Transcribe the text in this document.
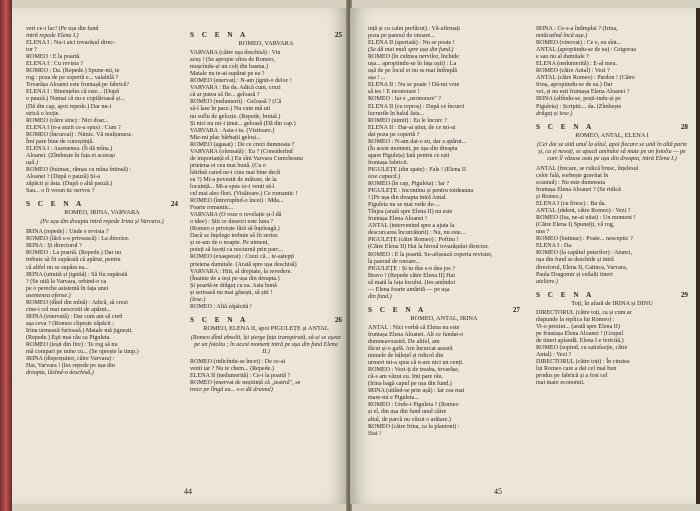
veri ce-i fac! (Pe ușa din fund

intră repede Elena I.)

ELENA I : Nu-i aici tovarășul direc-

tor ?

ROMEO : E la poartă.

ELENA I : Cu revista ?

ROMEO : Da. (Repede.) Spune-mi, te

rog : poza de pe copertă e... valabilă ?

Tovarășa Aloanei este fruntașă pe fabrică?

ELENA I : Binențeles că este... (După

o pauză.) Numai că nu e copilăroasă și...

(Dă din cap, apoi repede.) Dar nu-i

strică o lecție.

ROMEO (către sine) : Nici doar...

ELENA I (n-a auzit ce-a spus) : Cum ?

ROMEO (încurcat) : Nimic. Vă mulțumesc.

Îmi pare bine de cunoștință.

ELENA I : Asemenea. (Îi dă mîna.)

Aloanei. (Zîmbește în fața ei aceeași

ușă.)

ROMEO (buimac, rămas cu mîna întinsă) :

Aloanei ? (După o pauză) Și-a

zăpăcit și ăsta. (După o altă pauză.)

Sau... o fi vreun tic nervos ?

S C E N A	24

ROMEO, IRINA, VARVARA

(Pe ușa din dreapta intră repede Irina și Varvara.)

IRINA (repede) : Unde e revista ?

ROMEO (fără s-o privească) : La director.

IRINA : Și directorul ?

ROMEO : La poartă. (Repede.) Dar nu

trebuie să fii supărată că apărut, pentru

că altfel nu se supăra ea...

IRINA (uimită și jignită) : Să fiu supărată

? (Se uită la Varvara, orbind-o ca

pe o pereche asistentă în fața unei

asemenea ofense.)

ROMEO (dînd din mînă) : Adică, să crezi

cine-i cel mai neocrotit de apărut...

IRINA (enervată) : Dar cum am să cred

așa ceva ? (Romeo clipește zăpăcit ;

Irina urmează furioasă.) Matale mă jignești.

(Repede.) Eşti mai rău ca Piguleta.

ROMEO (ieșit din fire) : Te rog să nu

mă compari pe mine cu... (Se oprește la timp.)

IRINA (disprețuitor, către Varvara) :

Hai, Varvara ! (Ies repede pe ușa din

dreapta, lăsînd-o deschisă.)

S C E N A	25

ROMEO, VARVARA

VARVARA (către ușa deschisă) : Vin

acuș ! (Se apropie sfios de Romeo,

mușcîndu-și un colț din basma.)

Matale nu te-ai supărat pe ea ?

ROMEO (enervat) : N-am jignit-o deloc !

VARVARA : Ba da. Adică cum, crezi

că ar putea să fie... geloasă ?

ROMEO (nedumerit) : Geloasă ? (Că

să-l lase în pace.) Nu cum mă uit

nu suflu de gelozie. (Repede, brutal.)

Și nici nu mi-i ținut... geloasă (Dă din cap.)

VARVARA : Asta-i tu. (Vizitoare.)

Mie-mi plac bărbații geloși...

ROMEO (agasat) : De ce crezi dumneata ?

VARVARA (ofensată) : Eu ? (Considerînd

de importanță el.) Eu sînt Varvara Curecheanu

prietena ei cea mai bună. (Cu o

bătrînă cared ne-i cine mai bine decît

ea ?) Mi-a povestit de mătuse, de la

locuință... Mi-a spus ce-i venit să-l

cel mai ales flori. (Visătoare.) Ce romantic !

ROMEO (întrerupînd-o încet) : Mda...

Foarte romantic...

VARVARA (O roze o revelație și-l dă

o idee) : Știi ce deseori este luna ?

(Romeo o privește fără să înțeleagă.)

Dacă se înțelege trebuie să fii serios

și re-um de o noapte. Pe nimeni,

poteți să faceți ca nocturnă prin parc...

ROMEO (exasperat) : Crezi că... te-aștepți

prietena dumitale. (Arată spre ușa deschisă)

VARVARA : Hiti, al dreptate, la revedere.

(Înainte de a ieși pe ușa din dreapta.)

Și poartă-te drăguț cu ea. Asta bună

și serioasă nu mai găsești, să știi !

(Iese.)

ROMEO : Altă zăpăcită !

S C E N A	26

ROMEO, ELENA II, apoi PIGULEȚE și ANTAL

(Romeo dînd absolit, își șterge fața transpirată, să-și se așeze pe un fotoliu ; în acest moment intră pe ușa din fund Elena II.)

ROMEO (ridicîndu-se încet) : De ce-ai

venit iar ? Nu te chem... (Repede.)

ELENA II (nedumerită) : Ce-i la poartă ?

ROMEO (enervat de neștiință că „teatrul", se

trece pe lîngă ea... s-o dă drumul)

44

ință și cu calm prefăcut) : Vă-afirmați

poza pe panoul de onoare...

ELENA II (speriată) : Nu se poate !

(Se dă mai mult spre ușa din fund.)

ROMEO (în culmea nervilor, închide

ușa... apropiindu-se în fața ușii) : La

ușă de pe locul ei nu se mai întîmplă

așa ! ...

ELENA II : Nu se poate ! Dă-mi voie

să ies ! E neonorare !

ROMEO : Iar e „neonorare" ?

ELENA II (cu reproș) : După ce încurci

lucrurile în halul ăsta...

ROMEO (uimit) : Eu le încurc ?

ELENA II : Dar-ai știut, de ce mi-ai

dat poza pe copertă ?

ROMEO : N-am dat-o eu, dar a apărut...

(În acest moment, pe ușa din dreapta

apare Piguleța) Iată pentru ce ești

fruntașa fabricii.

PIGULEȚE (din spate) : Fals ! (Elena II

iese capacă.)

ROMEO (în cap, Piguleta) : Iar ?

PIGULEȚE : Incontinu și pentru totdeauna

! (Pe ușa din dreapta intră Antal.

Piguleta nu se mai vede de-...

Tînjea (arată spre Elena II) nu este

fruntașa Elena Aloanei !

ANTAL (intervenind spre a ajuta la

descurcarea încurcăturii) : Nu, nu este...

PIGULEȚE (către Romeo) : Poftim !

(Către Elena II) Hai la biroul tovarășului director.

ROMEO : E la poartă. Se-afișează coperta revistei,

la panoul de onoare...

PIGULEȚE : Și tu dus s-o dea jos ?

Bravo ! (Repede către Elena II) Hai

să mată la fața locului. (Ies amîndoi

— Elena foarte amărită — pe ușa

din fund.)

S C E N A	27

ROMEO, ANTAL, IRINA

ANTAL : Nici vorbă că Elena nu este

fruntașa Elena Aloanei. Alt ce fundat-o

dumneavoastră. De altfel, am

făcut și-o gafă. Am încurcat aseară

numele de bălețel și ridicol din

urmeri mi-a spus că n-are nici un cenți.

ROMEO : Vezi-ți de treaba, tovarășe,

că-s am văzut eu. Imi pare rău.

(Irina bagă capul pe ușa din fund.)

IRINA (uitînd-se prin ușă) : Iar cea mai

mare-mi e Piguleta...

ROMEO : Unde-i Piguleta ? (Romeo

și el, din ușa din fund unul către

altul, de parcă nu văzut o arătare.)

ROMEO (către Irina, ca la plantoni) :

Stai !

IRINA : Ce-s-a întîmplat ? (Irina,

netăcutînd încă ușa.)

ROMEO (vinovat) : Ce e, eu sînt...

ANTAL (apropiindu-se de ea) : Grigorua

e sau nu al dumitale ?

ELENA (nedumerită) : E-al meu.

ROMEO (către Antal) : Vezi ?

ANTAL (către Romeo) : Pardon ! (Către

Irina, apropiindu-se de ea.) Dar

vei, și nu ești fruntașa Elena Aloanei ?

IRINA (altîndu-se, pești-indu-și pe

Piguleta) : Șcriptic... da. (Zîmbește

drăguț și iese.)

S C E N A	28

ROMEO, ANTAL, ELENA I

(Cei doi se uită unul la altul, apoi fiecare se uită în altă parte și, ca și nesoți, se apucă amîndoi să mute pe un fotoliu — pe care îl văzuse asta pe ușa din dreapta, intră Elena I.)

ANTAL (frecare, se ridică brusc, înțelesul

celor fală, sorbește gravitat în

scaunul) : Nu este dumneata

fruntașa Elena Aloanei ? (Se ridică

și Romeo.)

ELENA I (cu firesc) : Ba da.

ANTAL (rădent, către Romeo) : Vezi ?

ROMEO (Isa, ne-ai uitat) : Un moment !

(Către Elena I) Spune(ți, vă rog,

una ?

ROMEO (buimac) : Poate... nesceptic ?

ELENA I : Da.

ROMEO (la capătul puterilor) : Atunci,

ușa din fund se deschide și intră

directorul, Elena II, Catinca, Varvara,

Paula Dragomir și ceilalți tineri

ateliere.)

S C E N A	29

Toți, în afară de IRINA și DINU

DIRECTORUL (către toți, ca și cum ar

răspunde la replica lui Romeo) :

Vi-o prezint... (arată spre Elena II)

pe fruntașa Elena Aloanei ! (Grupul

de tineri aplaudă. Elena I e fericită.)

ROMEO (sopind, cu satisfacție, către

Antal) : Vezi ?

DIRECTORUL (către toți) : În cinstea

lui Romeo care a dat cel mai bun

produs pe fabrică și a fost cel

mai mare economii.

45
